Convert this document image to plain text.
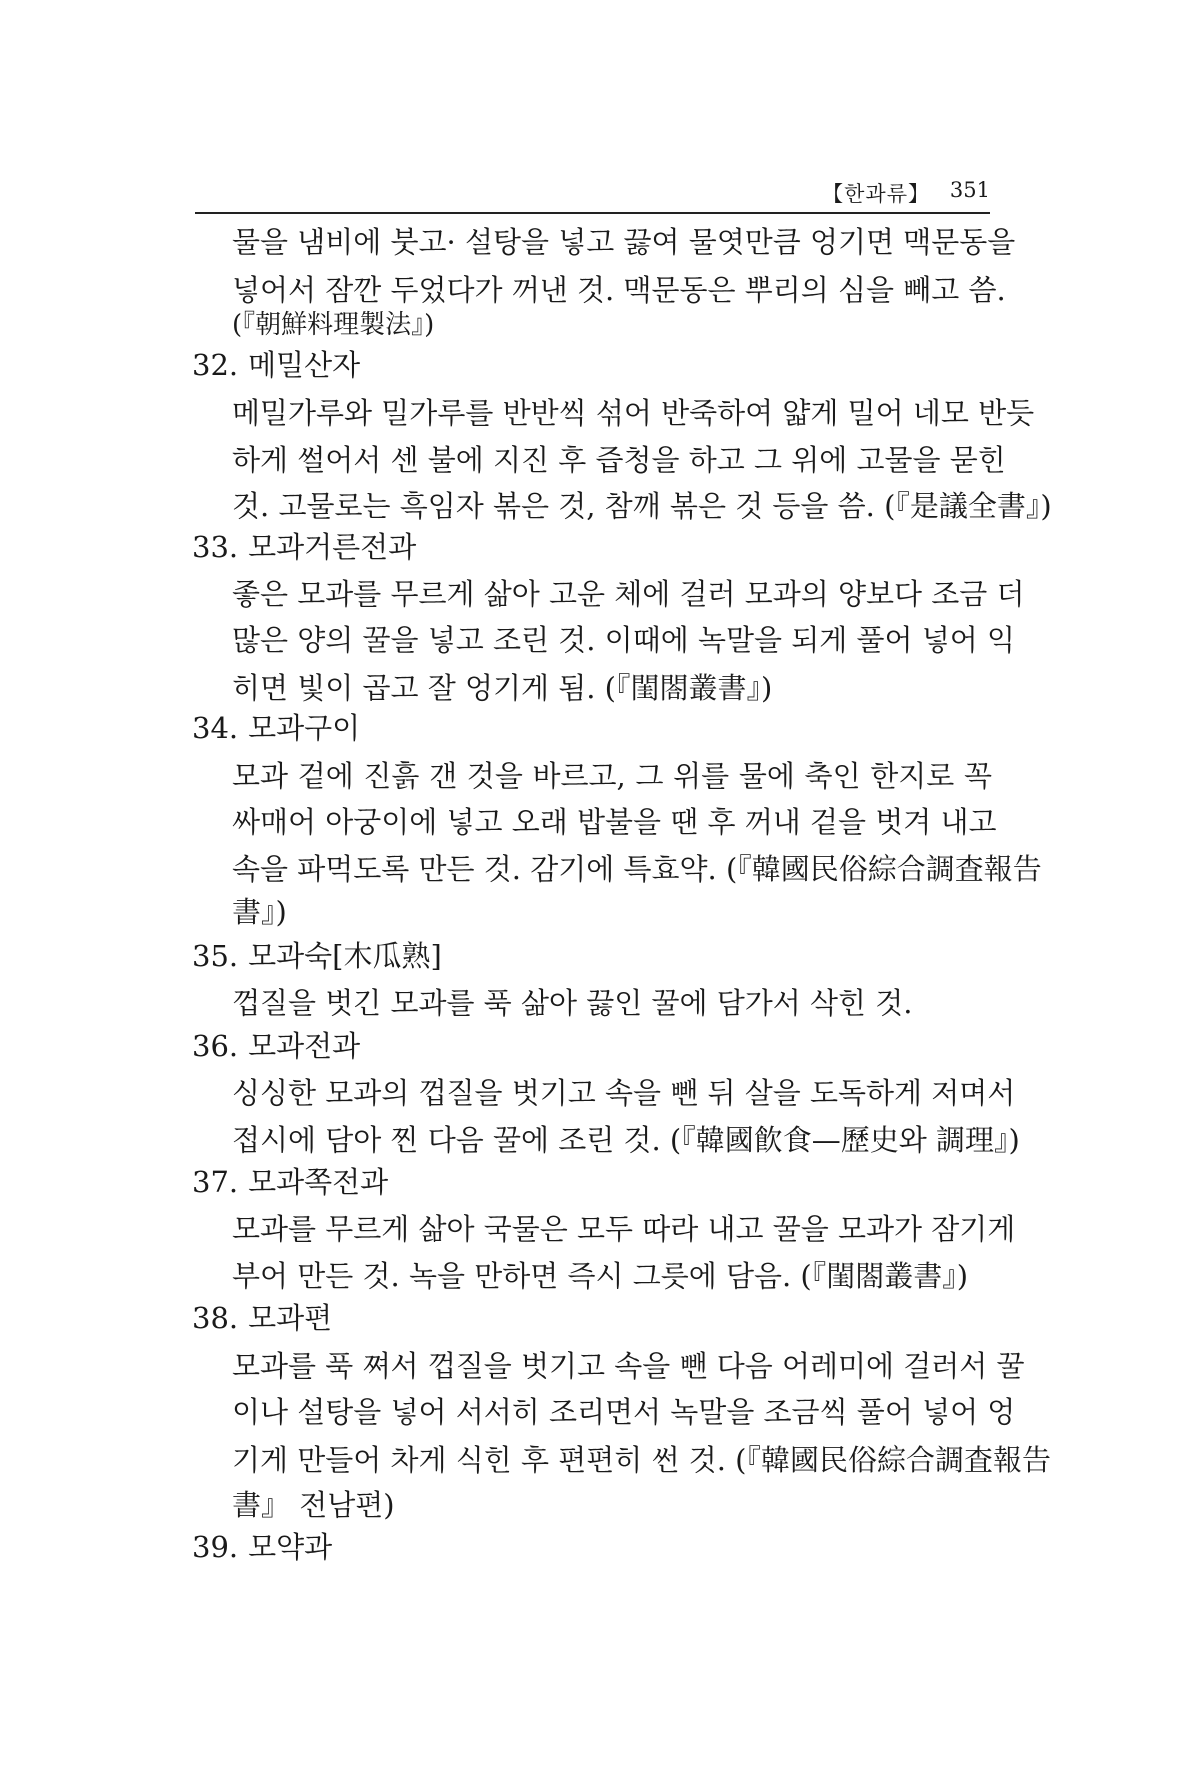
【한과류】 351
물을 냄비에 붓고· 설탕을 넣고 끓여 물엿만큼 엉기면 맥문동을
넣어서 잠깐 두었다가 꺼낸 것. 맥문동은 뿌리의 심을 빼고 씀.
(『朝鮮料理製法』)
32. 메밀산자
메밀가루와 밀가루를 반반씩 섞어 반죽하여 얇게 밀어 네모 반듯
하게 썰어서 센 불에 지진 후 즙청을 하고 그 위에 고물을 묻힌
것. 고물로는 흑임자 볶은 것, 참깨 볶은 것 등을 씀. (『是議全書』)
33. 모과거른전과
좋은 모과를 무르게 삶아 고운 체에 걸러 모과의 양보다 조금 더
많은 양의 꿀을 넣고 조린 것. 이때에 녹말을 되게 풀어 넣어 익
히면 빛이 곱고 잘 엉기게 됨. (『閨閤叢書』)
34. 모과구이
모과 겉에 진흙 갠 것을 바르고, 그 위를 물에 축인 한지로 꼭
싸매어 아궁이에 넣고 오래 밥불을 땐 후 꺼내 겉을 벗겨 내고
속을 파먹도록 만든 것. 감기에 특효약. (『韓國民俗綜合調査報告
書』)
35. 모과숙[木瓜熟]
껍질을 벗긴 모과를 푹 삶아 끓인 꿀에 담가서 삭힌 것.
36. 모과전과
싱싱한 모과의 껍질을 벗기고 속을 뺀 뒤 살을 도독하게 저며서
접시에 담아 찐 다음 꿀에 조린 것. (『韓國飮食—歷史와 調理』)
37. 모과쪽전과
모과를 무르게 삶아 국물은 모두 따라 내고 꿀을 모과가 잠기게
부어 만든 것. 녹을 만하면 즉시 그릇에 담음. (『閨閤叢書』)
38. 모과편
모과를 푹 쪄서 껍질을 벗기고 속을 뺀 다음 어레미에 걸러서 꿀
이나 설탕을 넣어 서서히 조리면서 녹말을 조금씩 풀어 넣어 엉
기게 만들어 차게 식힌 후 편편히 썬 것. (『韓國民俗綜合調査報告
書』 전남편)
39. 모약과
